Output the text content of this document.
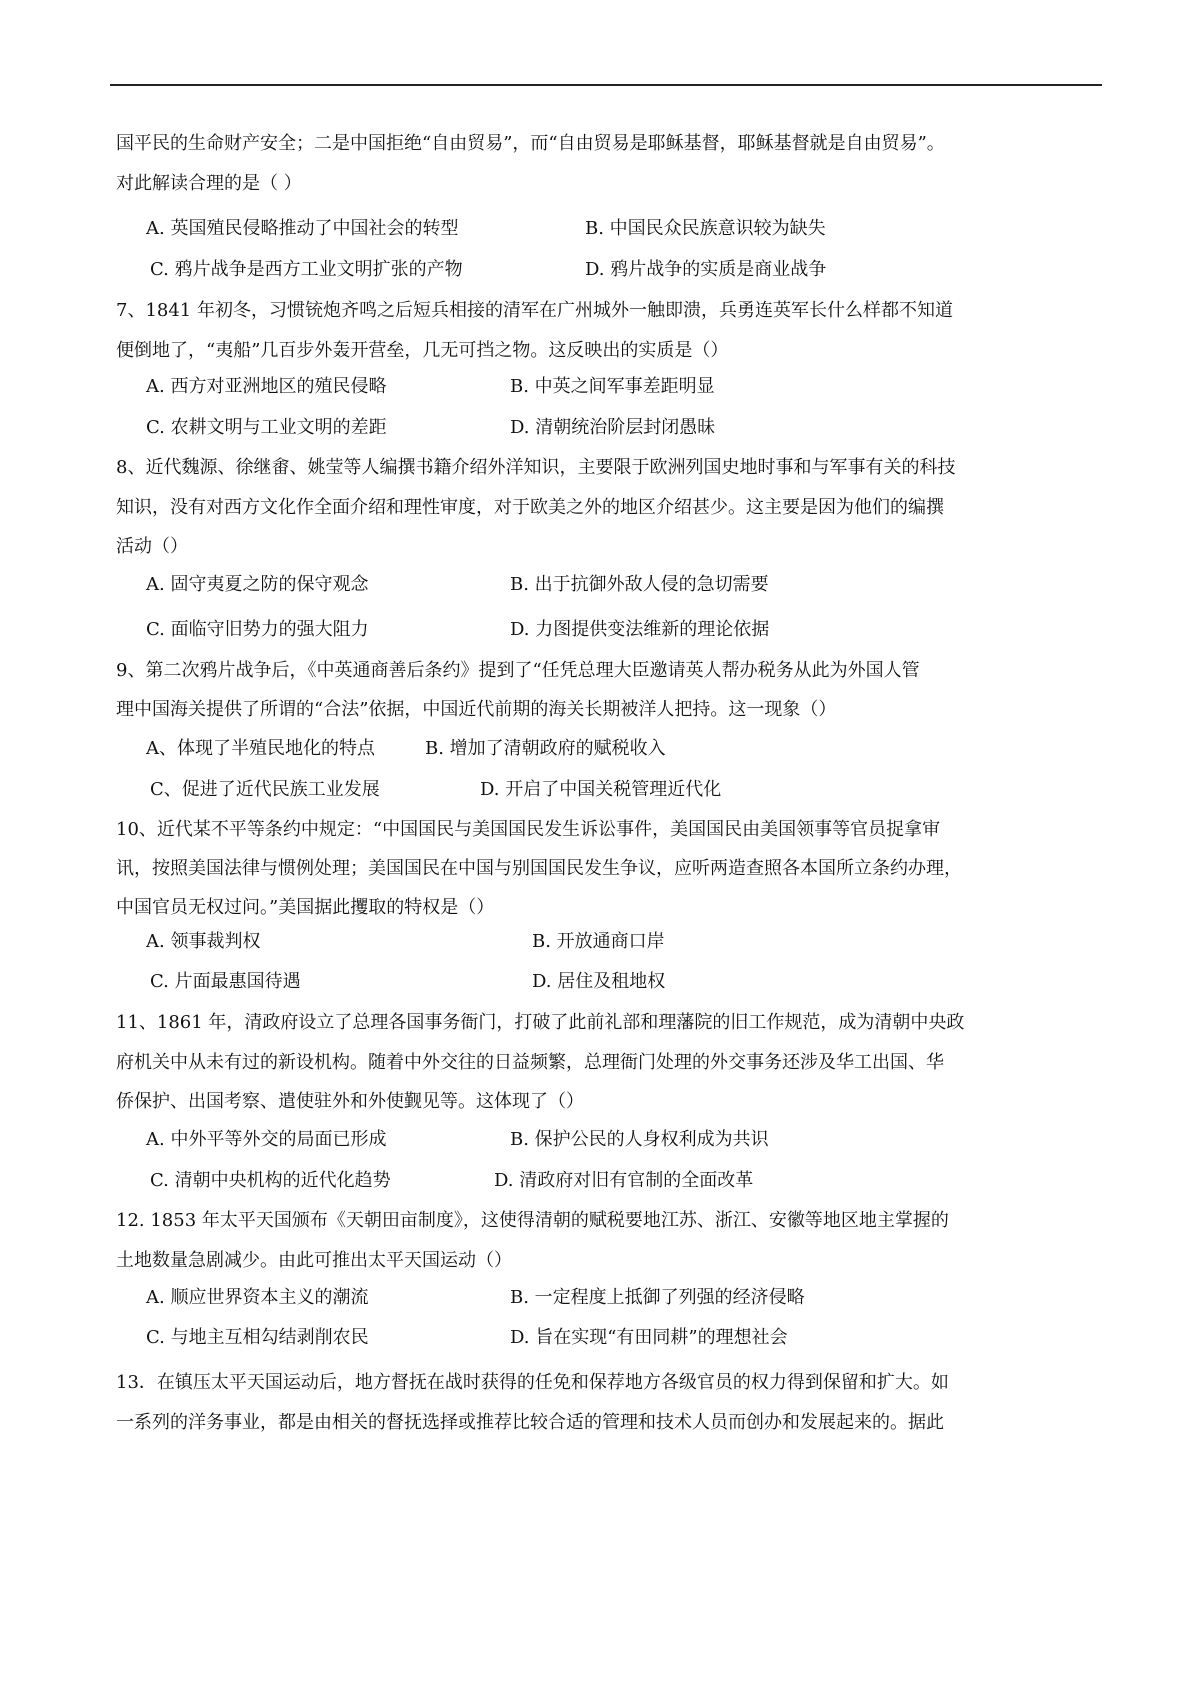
国平民的生命财产安全；二是中国拒绝“自由贸易”，而“自由贸易是耶稣基督，耶稣基督就是自由贸易”。
对此解读合理的是（ ）
A. 英国殖民侵略推动了中国社会的转型	B. 中国民众民族意识较为缺失
C. 鸦片战争是西方工业文明扩张的产物	D. 鸦片战争的实质是商业战争
7、1841 年初冬，习惯铳炮齐鸣之后短兵相接的清军在广州城外一触即溃，兵勇连英军长什么样都不知道
便倒地了，“夷船”几百步外轰开营垒，几无可挡之物。这反映出的实质是（）
A. 西方对亚洲地区的殖民侵略	B. 中英之间军事差距明显
C. 农耕文明与工业文明的差距	D. 清朝统治阶层封闭愚昧
8、近代魏源、徐继畬、姚莹等人编撰书籍介绍外洋知识，主要限于欧洲列国史地时事和与军事有关的科技
知识，没有对西方文化作全面介绍和理性审度，对于欧美之外的地区介绍甚少。这主要是因为他们的编撰
活动（）
A. 固守夷夏之防的保守观念	B. 出于抗御外敌人侵的急切需要
C. 面临守旧势力的强大阻力	D. 力图提供变法维新的理论依据
9、第二次鸦片战争后，《中英通商善后条约》提到了“任凭总理大臣邀请英人帮办税务从此为外国人管
理中国海关提供了所谓的“合法”依据，中国近代前期的海关长期被洋人把持。这一现象（）
A、体现了半殖民地化的特点	B. 增加了清朝政府的赋税收入
C、促进了近代民族工业发展	D. 开启了中国关税管理近代化
10、近代某不平等条约中规定：“中国国民与美国国民发生诉讼事件，美国国民由美国领事等官员捉拿审
讯，按照美国法律与惯例处理；美国国民在中国与别国国民发生争议，应听两造查照各本国所立条约办理，
中国官员无权过问。”美国据此攫取的特权是（）
A. 领事裁判权	B. 开放通商口岸
C. 片面最惠国待遇	D. 居住及租地权
11、1861 年，清政府设立了总理各国事务衙门，打破了此前礼部和理藩院的旧工作规范，成为清朝中央政
府机关中从未有过的新设机构。随着中外交往的日益频繁，总理衙门处理的外交事务还涉及华工出国、华
侨保护、出国考察、遣使驻外和外使觐见等。这体现了（）
A. 中外平等外交的局面已形成	B. 保护公民的人身权利成为共识
C. 清朝中央机构的近代化趋势	D. 清政府对旧有官制的全面改革
12. 1853 年太平天国颁布《天朝田亩制度》，这使得清朝的赋税要地江苏、浙江、安徽等地区地主掌握的
土地数量急剧减少。由此可推出太平天国运动（）
A. 顺应世界资本主义的潮流	B. 一定程度上抵御了列强的经济侵略
C. 与地主互相勾结剥削农民	D. 旨在实现“有田同耕”的理想社会
13．在镇压太平天国运动后，地方督抚在战时获得的任免和保荐地方各级官员的权力得到保留和扩大。如
一系列的洋务事业，都是由相关的督抚选择或推荐比较合适的管理和技术人员而创办和发展起来的。据此
